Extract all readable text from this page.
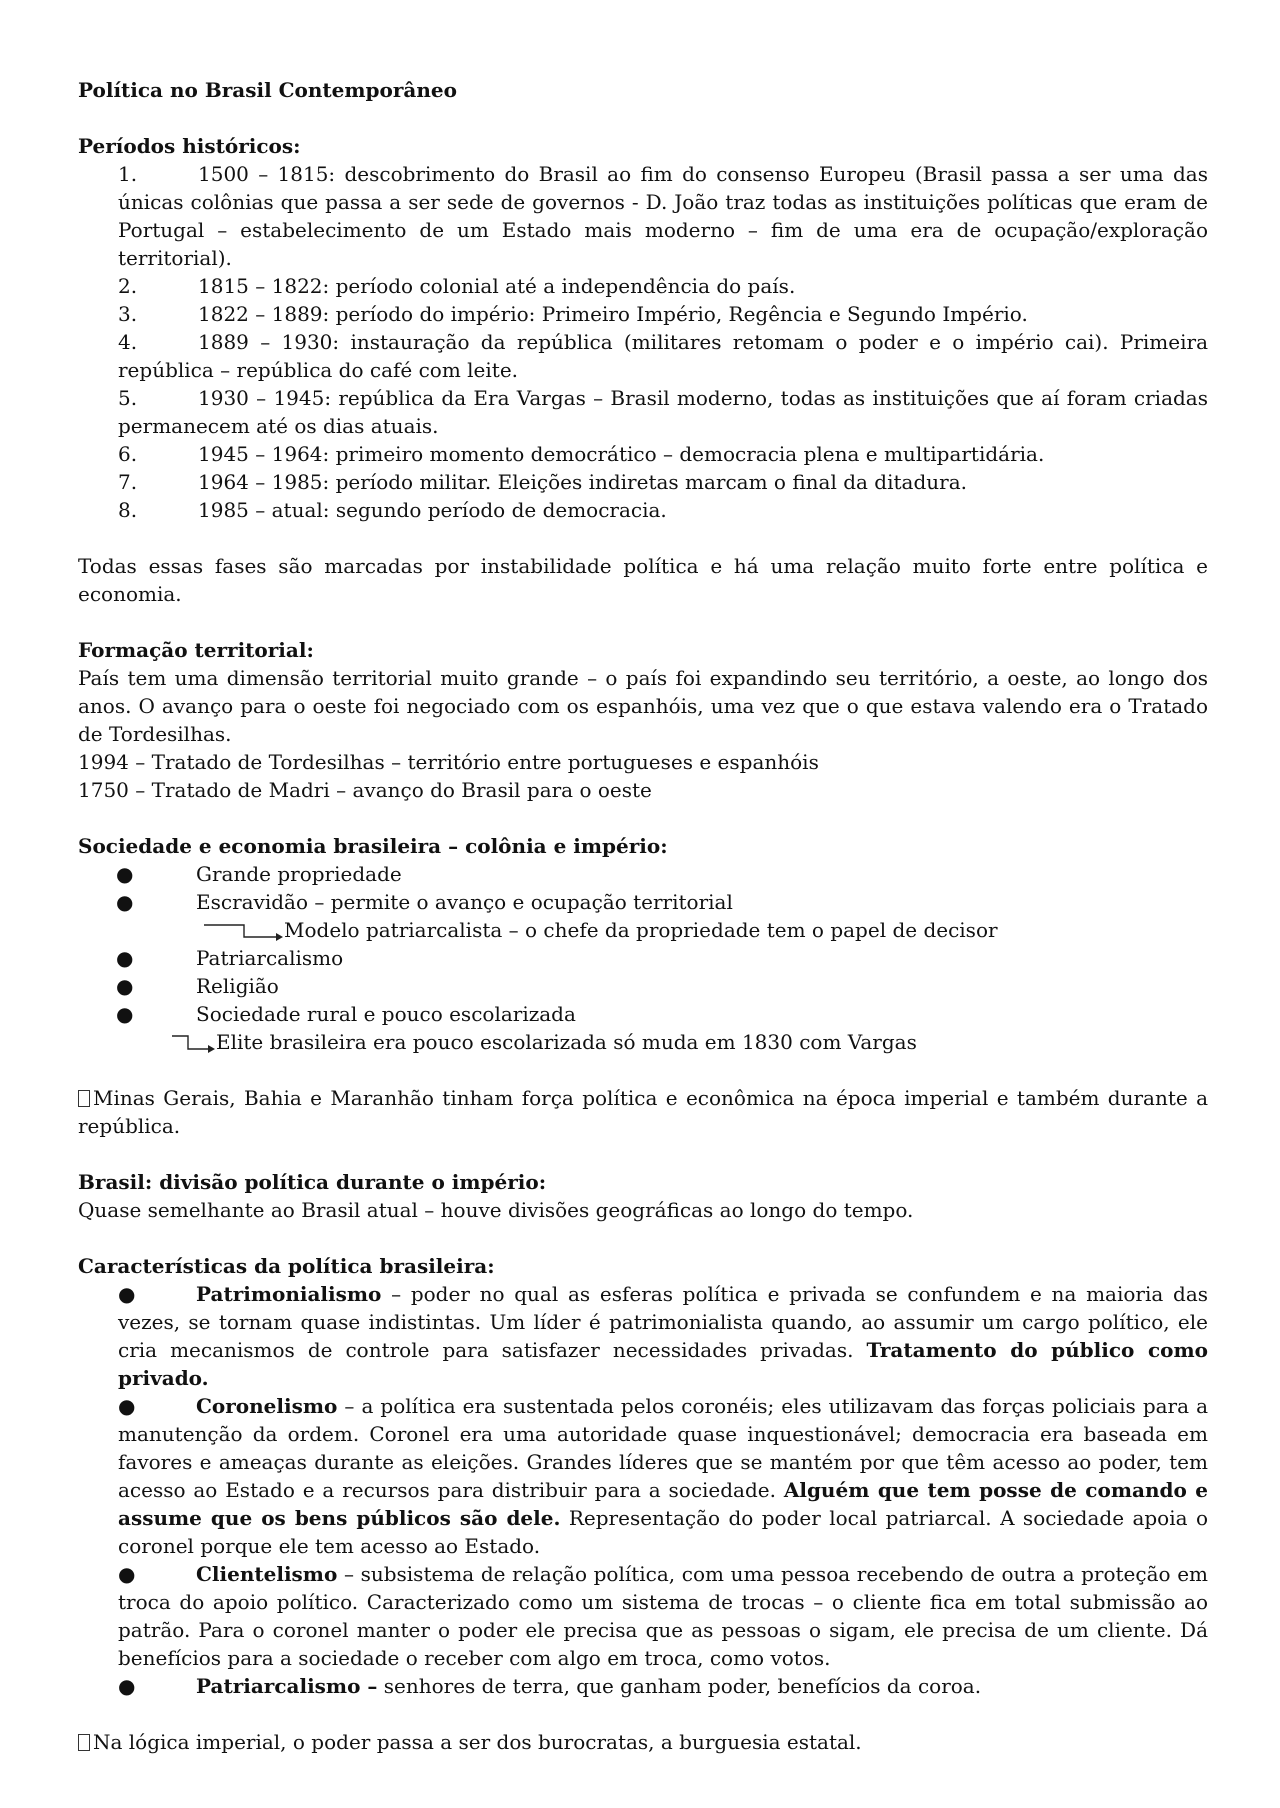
Política no Brasil Contemporâneo
Períodos históricos:
1.	1500 – 1815: descobrimento do Brasil ao fim do consenso Europeu (Brasil passa a ser uma das únicas colônias que passa a ser sede de governos - D. João traz todas as instituições políticas que eram de Portugal – estabelecimento de um Estado mais moderno – fim de uma era de ocupação/exploração territorial).
2.	1815 – 1822: período colonial até a independência do país.
3.	1822 – 1889: período do império: Primeiro Império, Regência e Segundo Império.
4.	1889 – 1930: instauração da república (militares retomam o poder e o império cai). Primeira república – república do café com leite.
5.	1930 – 1945: república da Era Vargas – Brasil moderno, todas as instituições que aí foram criadas permanecem até os dias atuais.
6.	1945 – 1964: primeiro momento democrático – democracia plena e multipartidária.
7.	1964 – 1985: período militar. Eleições indiretas marcam o final da ditadura.
8.	1985 – atual: segundo período de democracia.
Todas essas fases são marcadas por instabilidade política e há uma relação muito forte entre política e economia.
Formação territorial:
País tem uma dimensão territorial muito grande – o país foi expandindo seu território, a oeste, ao longo dos anos. O avanço para o oeste foi negociado com os espanhóis, uma vez que o que estava valendo era o Tratado de Tordesilhas.
1994 – Tratado de Tordesilhas – território entre portugueses e espanhóis
1750 – Tratado de Madri – avanço do Brasil para o oeste
Sociedade e economia brasileira – colônia e império:
●	Grande propriedade
●	Escravidão – permite o avanço e ocupação territorial
Modelo patriarcalista – o chefe da propriedade tem o papel de decisor
●	Patriarcalismo
●	Religião
●	Sociedade rural e pouco escolarizada
Elite brasileira era pouco escolarizada só muda em 1830 com Vargas
Minas Gerais, Bahia e Maranhão tinham força política e econômica na época imperial e também durante a república.
Brasil: divisão política durante o império:
Quase semelhante ao Brasil atual – houve divisões geográficas ao longo do tempo.
Características da política brasileira:
●	Patrimonialismo – poder no qual as esferas política e privada se confundem e na maioria das vezes, se tornam quase indistintas. Um líder é patrimonialista quando, ao assumir um cargo político, ele cria mecanismos de controle para satisfazer necessidades privadas. Tratamento do público como privado.
●	Coronelismo – a política era sustentada pelos coronéis; eles utilizavam das forças policiais para a manutenção da ordem. Coronel era uma autoridade quase inquestionável; democracia era baseada em favores e ameaças durante as eleições. Grandes líderes que se mantém por que têm acesso ao poder, tem acesso ao Estado e a recursos para distribuir para a sociedade. Alguém que tem posse de comando e assume que os bens públicos são dele. Representação do poder local patriarcal. A sociedade apoia o coronel porque ele tem acesso ao Estado.
●	Clientelismo – subsistema de relação política, com uma pessoa recebendo de outra a proteção em troca do apoio político. Caracterizado como um sistema de trocas – o cliente fica em total submissão ao patrão. Para o coronel manter o poder ele precisa que as pessoas o sigam, ele precisa de um cliente. Dá benefícios para a sociedade o receber com algo em troca, como votos.
●	Patriarcalismo – senhores de terra, que ganham poder, benefícios da coroa.
Na lógica imperial, o poder passa a ser dos burocratas, a burguesia estatal.
